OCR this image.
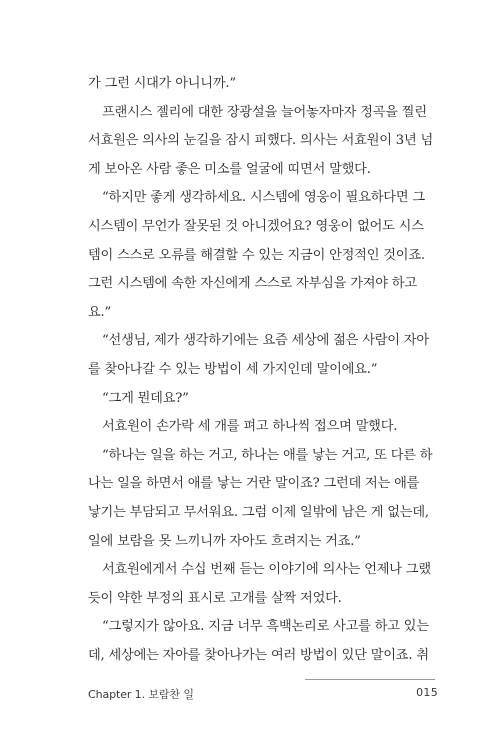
가 그런 시대가 아니니까.”
프랜시스 젤리에 대한 장광설을 늘어놓자마자 정곡을 찔린
서효원은 의사의 눈길을 잠시 피했다. 의사는 서효원이 3년 넘
게 보아온 사람 좋은 미소를 얼굴에 띠면서 말했다.
“하지만 좋게 생각하세요. 시스템에 영웅이 필요하다면 그
시스템이 무언가 잘못된 것 아니겠어요? 영웅이 없어도 시스
템이 스스로 오류를 해결할 수 있는 지금이 안정적인 것이죠.
그런 시스템에 속한 자신에게 스스로 자부심을 가져야 하고
요.”
“선생님, 제가 생각하기에는 요즘 세상에 젊은 사람이 자아
를 찾아나갈 수 있는 방법이 세 가지인데 말이에요.”
“그게 뭔데요?”
서효원이 손가락 세 개를 펴고 하나씩 접으며 말했다.
“하나는 일을 하는 거고, 하나는 애를 낳는 거고, 또 다른 하
나는 일을 하면서 애를 낳는 거란 말이죠? 그런데 저는 애를
낳기는 부담되고 무서워요. 그럼 이제 일밖에 남은 게 없는데,
일에 보람을 못 느끼니까 자아도 흐려지는 거죠.”
서효원에게서 수십 번째 듣는 이야기에 의사는 언제나 그랬
듯이 약한 부정의 표시로 고개를 살짝 저었다.
“그렇지가 않아요. 지금 너무 흑백논리로 사고를 하고 있는
데, 세상에는 자아를 찾아나가는 여러 방법이 있단 말이죠. 취
Chapter 1. 보람찬 일	015
